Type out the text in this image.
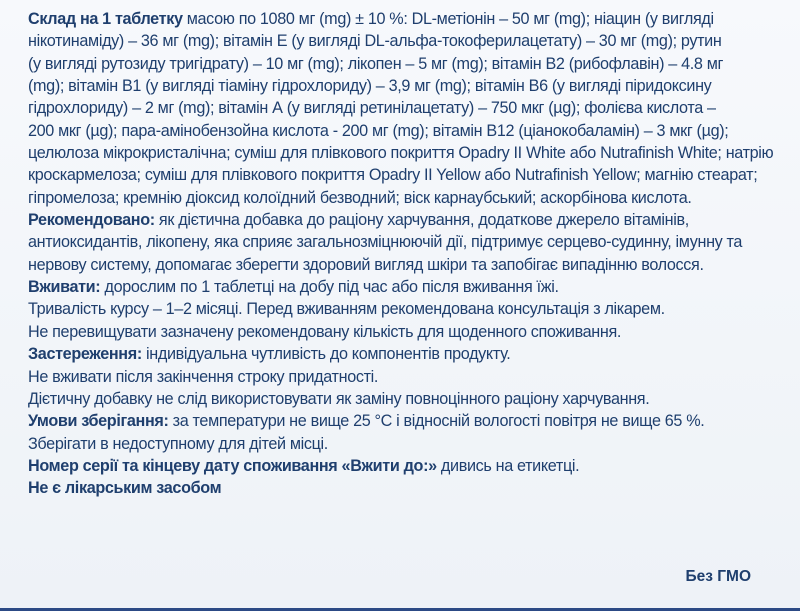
Склад на 1 таблетку масою по 1080 мг (mg) ± 10 %: DL-метіонін – 50 мг (mg); ніацин (у вигляді
нікотинаміду) – 36 мг (mg); вітамін Е (у вигляді DL-альфа-токоферилацетату) – 30 мг (mg); рутин
(у вигляді рутозиду тригідрату) – 10 мг (mg); лікопен – 5 мг (mg); вітамін В2 (рибофлавін) – 4.8 мг
(mg); вітамін В1 (у вигляді тіаміну гідрохлориду) – 3,9 мг (mg); вітамін В6 (у вигляді піридоксину
гідрохлориду) – 2 мг (mg); вітамін А (у вигляді ретинілацетату) – 750 мкг (µg); фолієва кислота –
200 мкг (µg); пара-амінобензойна кислота - 200 мг (mg); вітамін В12 (ціанокобаламін) – 3 мкг (µg);
целюлоза мікрокристалічна; суміш для плівкового покриття Opadry II White або Nutrafinish White; натрію
кроскармелоза; суміш для плівкового покриття Opadry II Yellow або Nutrafinish Yellow; магнію стеарат;
гіпромелоза; кремнію діоксид колоїдний безводний; віск карнаубський; аскорбінова кислота.
Рекомендовано: як дієтична добавка до раціону харчування, додаткове джерело вітамінів,
антиоксидантів, лікопену, яка сприяє загальнозміцнюючій дії, підтримує серцево-судинну, імунну та
нервову систему, допомагає зберегти здоровий вигляд шкіри та запобігає випадінню волосся.
Вживати: дорослим по 1 таблетці на добу під час або після вживання їжі.
Тривалість курсу – 1–2 місяці. Перед вживанням рекомендована консультація з лікарем.
Не перевищувати зазначену рекомендовану кількість для щоденного споживання.
Застереження: індивідуальна чутливість до компонентів продукту.
Не вживати після закінчення строку придатності.
Дієтичну добавку не слід використовувати як заміну повноцінного раціону харчування.
Умови зберігання: за температури не вище 25 °С і відносній вологості повітря не вище 65 %.
Зберігати в недоступному для дітей місці.
Номер серії та кінцеву дату споживання «Вжити до:» дивись на етикетці.
Не є лікарським засобом
Без ГМО
